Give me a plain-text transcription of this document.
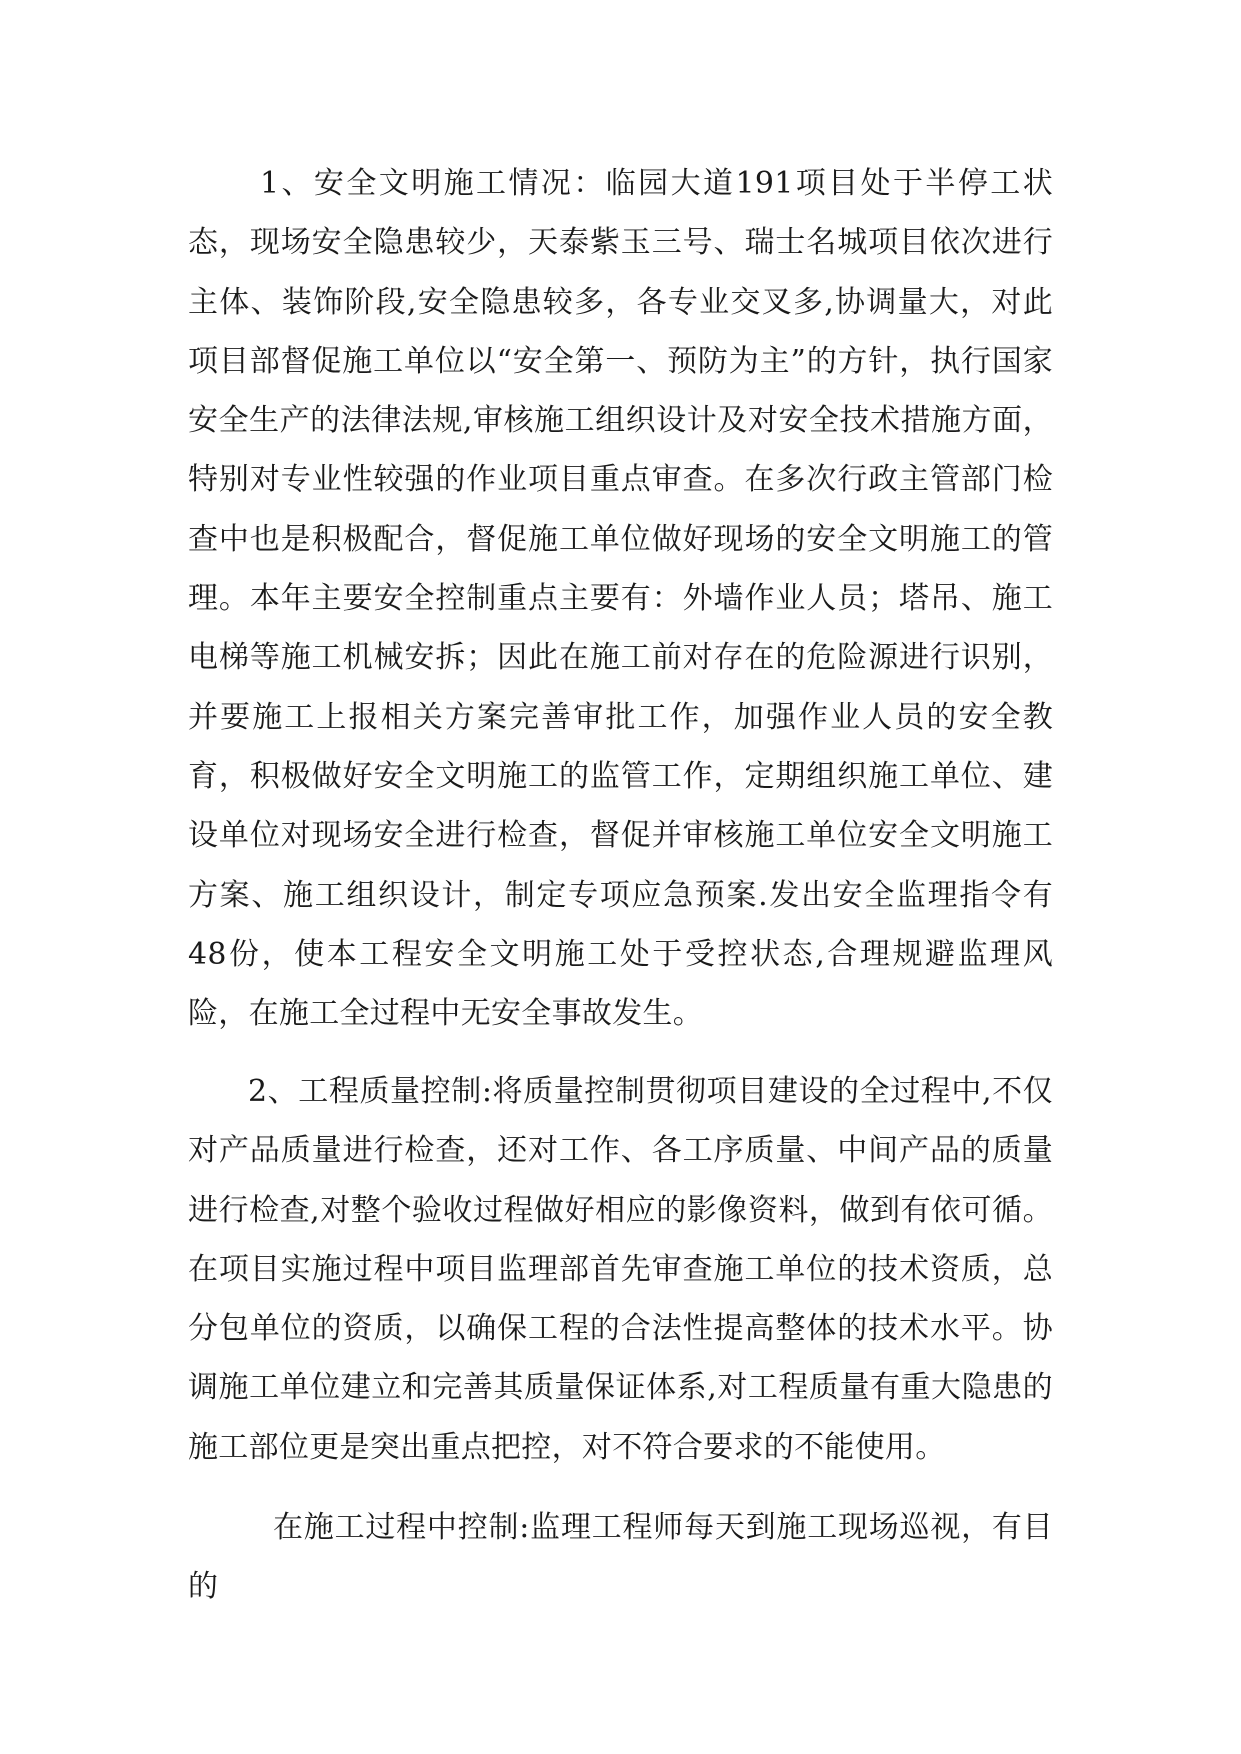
1、安全文明施工情况：临园大道191项目处于半停工状态，现场安全隐患较少，天泰紫玉三号、瑞士名城项目依次进行主体、装饰阶段,安全隐患较多，各专业交叉多,协调量大，对此项目部督促施工单位以“安全第一、预防为主”的方针，执行国家安全生产的法律法规,审核施工组织设计及对安全技术措施方面，特别对专业性较强的作业项目重点审查。在多次行政主管部门检查中也是积极配合，督促施工单位做好现场的安全文明施工的管理。本年主要安全控制重点主要有：外墙作业人员；塔吊、施工电梯等施工机械安拆；因此在施工前对存在的危险源进行识别，并要施工上报相关方案完善审批工作，加强作业人员的安全教育，积极做好安全文明施工的监管工作，定期组织施工单位、建设单位对现场安全进行检查，督促并审核施工单位安全文明施工方案、施工组织设计，制定专项应急预案.发出安全监理指令有48份，使本工程安全文明施工处于受控状态,合理规避监理风险，在施工全过程中无安全事故发生。

2、工程质量控制:将质量控制贯彻项目建设的全过程中,不仅对产品质量进行检查，还对工作、各工序质量、中间产品的质量进行检查,对整个验收过程做好相应的影像资料，做到有依可循。在项目实施过程中项目监理部首先审查施工单位的技术资质，总分包单位的资质，以确保工程的合法性提高整体的技术水平。协调施工单位建立和完善其质量保证体系,对工程质量有重大隐患的施工部位更是突出重点把控，对不符合要求的不能使用。

在施工过程中控制:监理工程师每天到施工现场巡视，有目的
